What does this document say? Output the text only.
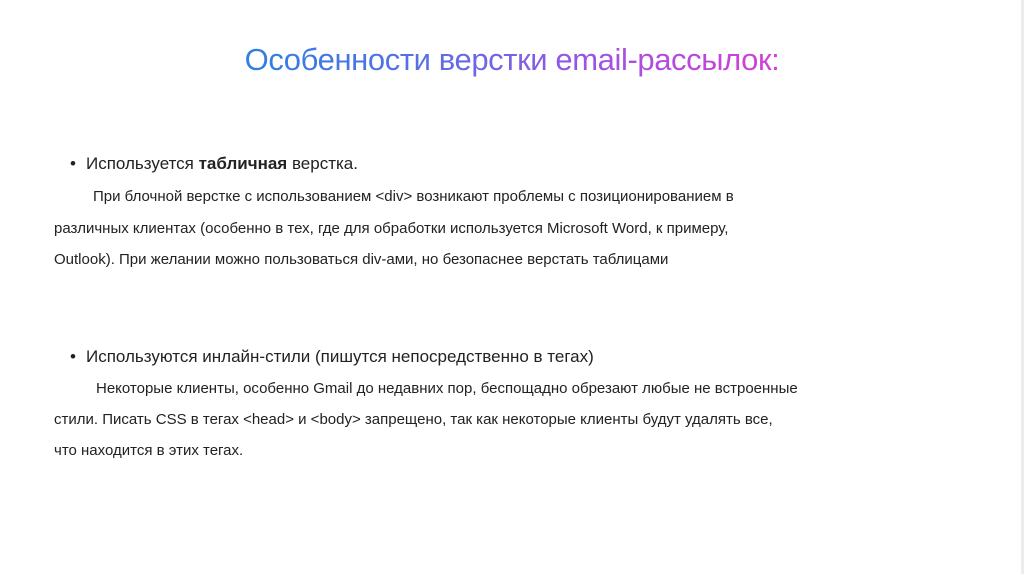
Особенности верстки email-рассылок:
• Используется табличная верстка.
При блочной верстке с использованием <div> возникают проблемы с позиционированием в
различных клиентах (особенно в тех, где для обработки используется Microsoft Word, к примеру,
Outlook). При желании можно пользоваться div-ами, но безопаснее верстать таблицами
• Используются инлайн-стили (пишутся непосредственно в тегах)
Некоторые клиенты, особенно Gmail до недавних пор, беспощадно обрезают любые не встроенные
стили. Писать CSS в тегах <head> и <body> запрещено, так как некоторые клиенты будут удалять все,
что находится в этих тегах.
